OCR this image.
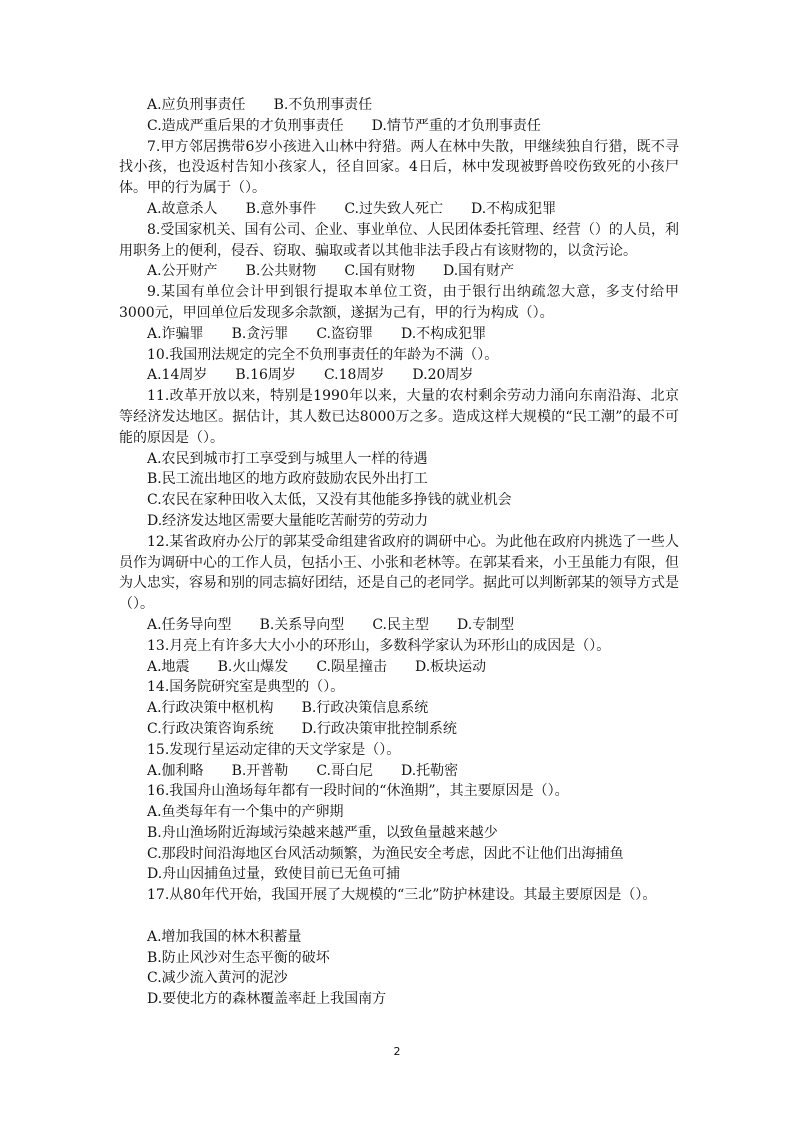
A.应负刑事责任 B.不负刑事责任
C.造成严重后果的才负刑事责任 D.情节严重的才负刑事责任
7.甲方邻居携带6岁小孩进入山林中狩猎。两人在林中失散，甲继续独自行猎，既不寻找小孩，也没返村告知小孩家人，径自回家。4日后，林中发现被野兽咬伤致死的小孩尸体。甲的行为属于（）。
A.故意杀人 B.意外事件 C.过失致人死亡 D.不构成犯罪
8.受国家机关、国有公司、企业、事业单位、人民团体委托管理、经营（）的人员，利用职务上的便利，侵吞、窃取、骗取或者以其他非法手段占有该财物的，以贪污论。
A.公开财产 B.公共财物 C.国有财物 D.国有财产
9.某国有单位会计甲到银行提取本单位工资，由于银行出纳疏忽大意，多支付给甲3000元，甲回单位后发现多余款额，遂据为己有，甲的行为构成（）。
A.诈骗罪 B.贪污罪 C.盗窃罪 D.不构成犯罪
10.我国刑法规定的完全不负刑事责任的年龄为不满（）。
A.14周岁 B.16周岁 C.18周岁 D.20周岁
11.改革开放以来，特别是1990年以来，大量的农村剩余劳动力涌向东南沿海、北京等经济发达地区。据估计，其人数已达8000万之多。造成这样大规模的“民工潮”的最不可能的原因是（）。
A.农民到城市打工享受到与城里人一样的待遇
B.民工流出地区的地方政府鼓励农民外出打工
C.农民在家种田收入太低，又没有其他能多挣钱的就业机会
D.经济发达地区需要大量能吃苦耐劳的劳动力
12.某省政府办公厅的郭某受命组建省政府的调研中心。为此他在政府内挑选了一些人员作为调研中心的工作人员，包括小王、小张和老林等。在郭某看来，小王虽能力有限，但为人忠实，容易和别的同志搞好团结，还是自己的老同学。据此可以判断郭某的领导方式是（）。
A.任务导向型 B.关系导向型 C.民主型 D.专制型
13.月亮上有许多大大小小的环形山，多数科学家认为环形山的成因是（）。
A.地震 B.火山爆发 C.陨星撞击 D.板块运动
14.国务院研究室是典型的（）。
A.行政决策中枢机构 B.行政决策信息系统
C.行政决策咨询系统 D.行政决策审批控制系统
15.发现行星运动定律的天文学家是（）。
A.伽利略 B.开普勒 C.哥白尼 D.托勒密
16.我国舟山渔场每年都有一段时间的“休渔期”，其主要原因是（）。
A.鱼类每年有一个集中的产卵期
B.舟山渔场附近海域污染越来越严重，以致鱼量越来越少
C.那段时间沿海地区台风活动频繁，为渔民安全考虑，因此不让他们出海捕鱼
D.舟山因捕鱼过量，致使目前已无鱼可捕
17.从80年代开始，我国开展了大规模的“三北”防护林建设。其最主要原因是（）。
A.增加我国的林木积蓄量
B.防止风沙对生态平衡的破坏
C.减少流入黄河的泥沙
D.要使北方的森林覆盖率赶上我国南方
2
